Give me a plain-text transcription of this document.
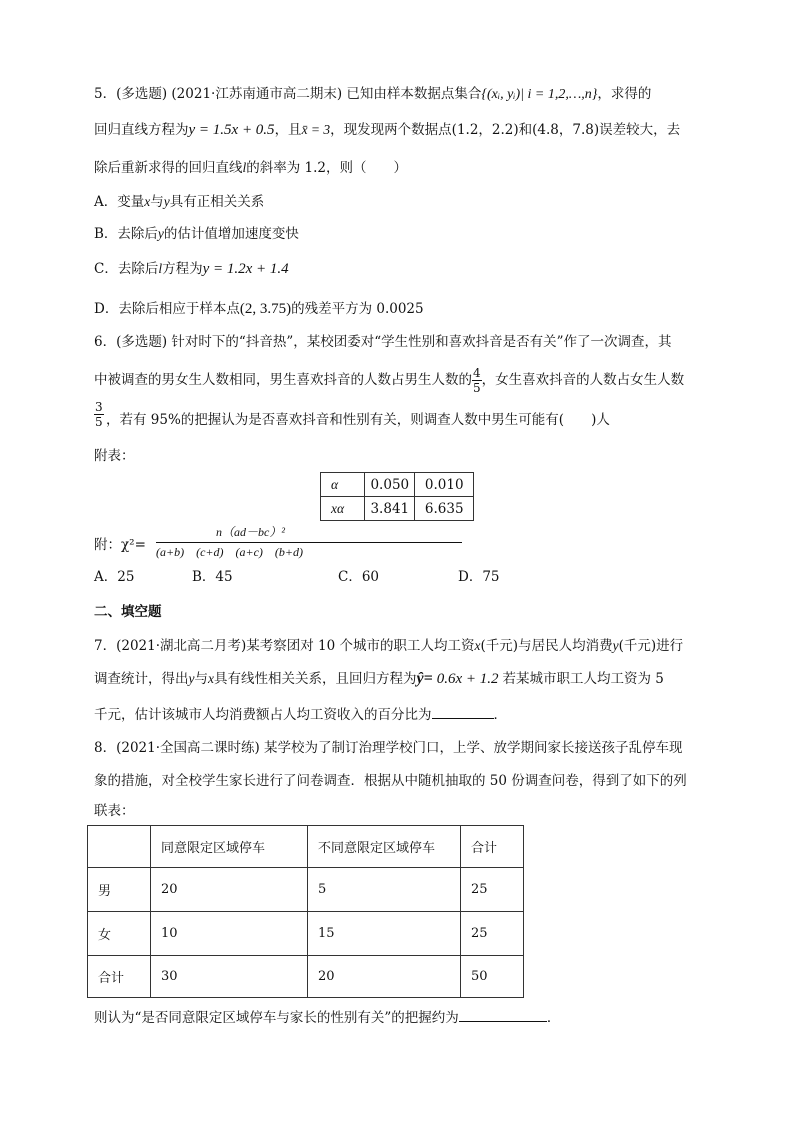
5．(多选题) (2021·江苏南通市高二期末) 已知由样本数据点集合{(xᵢ, yᵢ)| i = 1,2,…,n}，求得的
回归直线方程为y = 1.5x + 0.5，且x̄ = 3，现发现两个数据点(1.2，2.2)和(4.8，7.8)误差较大，去
除后重新求得的回归直线l的斜率为 1.2，则（　　）
A．变量x与y具有正相关关系
B．去除后y的估计值增加速度变快
C．去除后l方程为y = 1.2x + 1.4
D．去除后相应于样本点(2, 3.75)的残差平方为 0.0025
6．(多选题) 针对时下的“抖音热”，某校团委对“学生性别和喜欢抖音是否有关”作了一次调查，其
中被调查的男女生人数相同，男生喜欢抖音的人数占男生人数的 $\frac{4}{5}$ ，女生喜欢抖音的人数占女生人数
$\frac{3}{5}$ ，若有 95%的把握认为是否喜欢抖音和性别有关，则调查人数中男生可能有(　　)人
附表：
α	0.050	0.010
xα	3.841	6.635
附：χ²=
n（ad－bc）²
(a+b)　(c+d)　(a+c)　(b+d)
A．25	B．45	C．60	D．75
二、填空题
7．(2021·湖北高二月考)某考察团对 10 个城市的职工人均工资x(千元)与居民人均消费y(千元)进行
调查统计，得出y与x具有线性相关关系，且回归方程为ŷ= 0.6x + 1.2 若某城市职工人均工资为 5
千元，估计该城市人均消费额占人均工资收入的百分比为	．
8．(2021·全国高二课时练) 某学校为了制订治理学校门口，上学、放学期间家长接送孩子乱停车现
象的措施，对全校学生家长进行了问卷调查．根据从中随机抽取的 50 份调查问卷，得到了如下的列
联表：
	同意限定区域停车	不同意限定区域停车	合计
男	20	5	25
女	10	15	25
合计	30	20	50
则认为“是否同意限定区域停车与家长的性别有关”的把握约为	．
